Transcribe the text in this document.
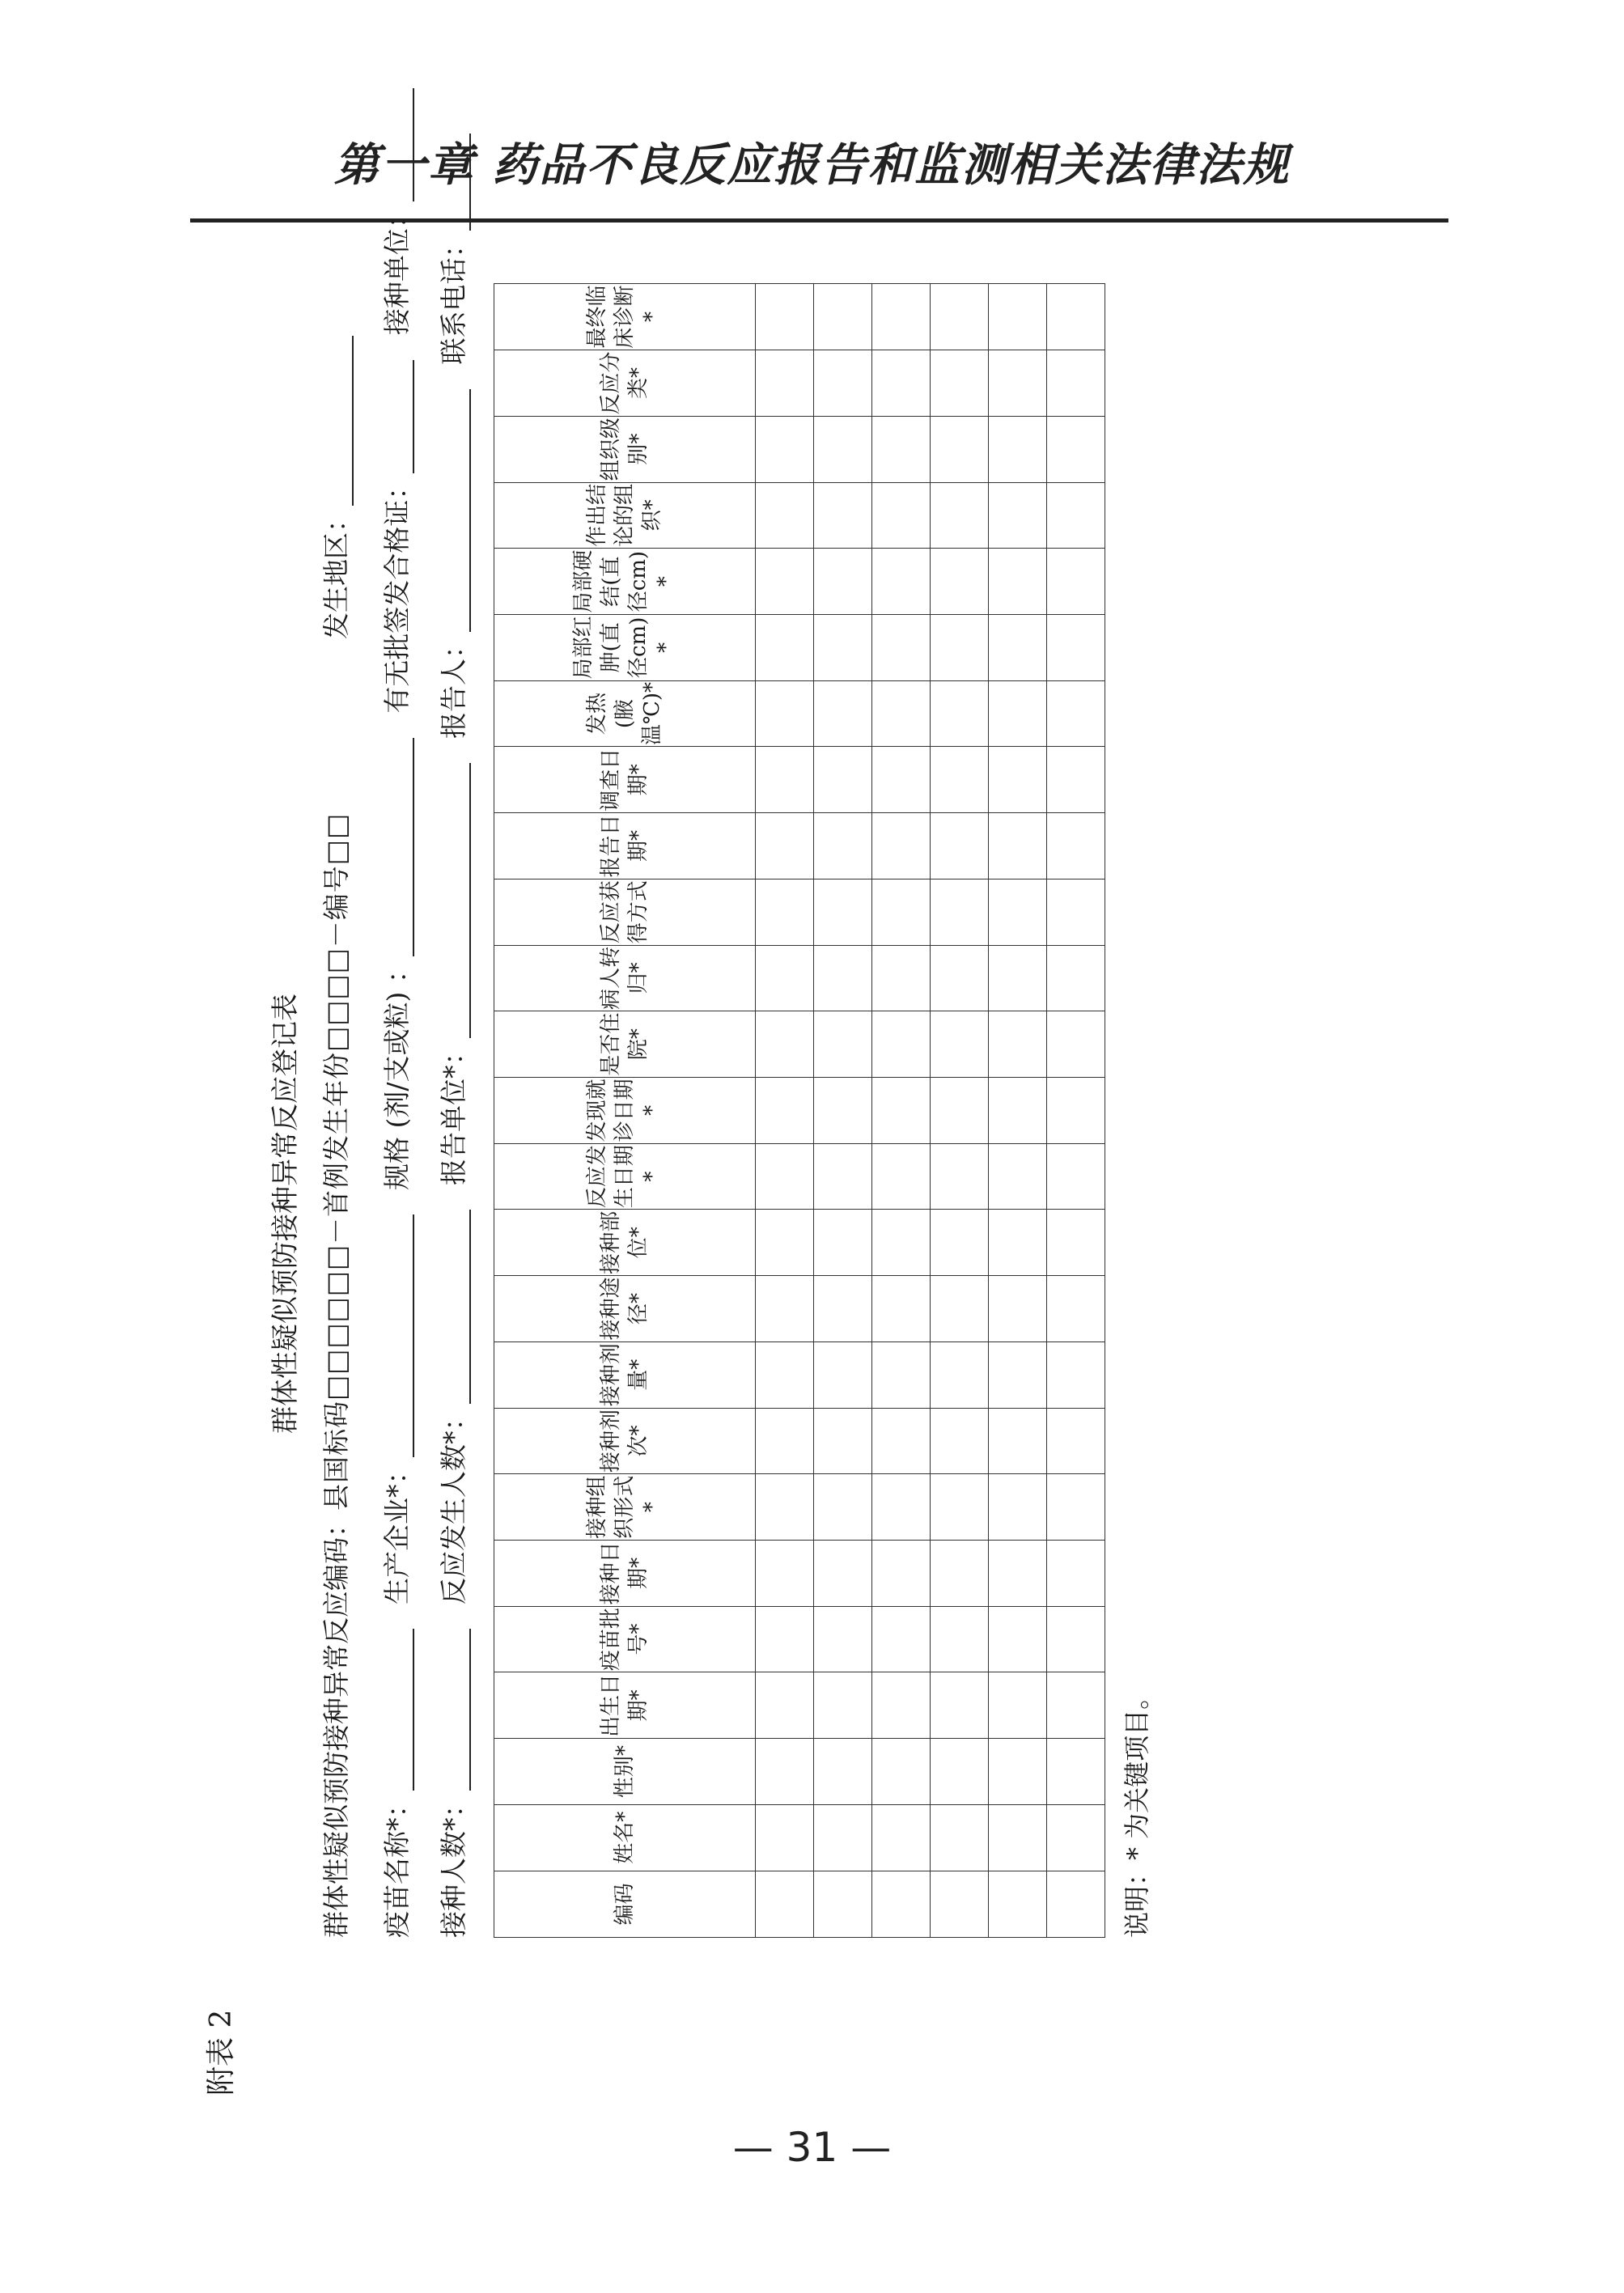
第一章 药品不良反应报告和监测相关法律法规
附表 2
群体性疑似预防接种异常反应登记表
群体性疑似预防接种异常反应编码：县国标码□□□□□□－首例发生年份□□□□－编号□□
发生地区：
疫苗名称*： 生产企业*： 规格 (剂/支或粒) ： 有无批签发合格证： 接种单位：
接种人数*： 反应发生人数*： 报告单位*： 报告人： 联系电话：
编码	姓名*	性别*	出生日期*	疫苗批号*	接种日期*	接种组织形式*	接种剂次*	接种剂量*	接种途径*	接种部位*	反应发生日期*	发现就诊日期*	是否住院*	病人转归*	反应获得方式	报告日期*	调查日期*	发热(腋温℃)*	局部红肿(直径cm)*	局部硬结(直径cm)*	作出结论的组织*	组织级别*	反应分类*	最终临床诊断*

说明：* 为关键项目。
— 31 —
